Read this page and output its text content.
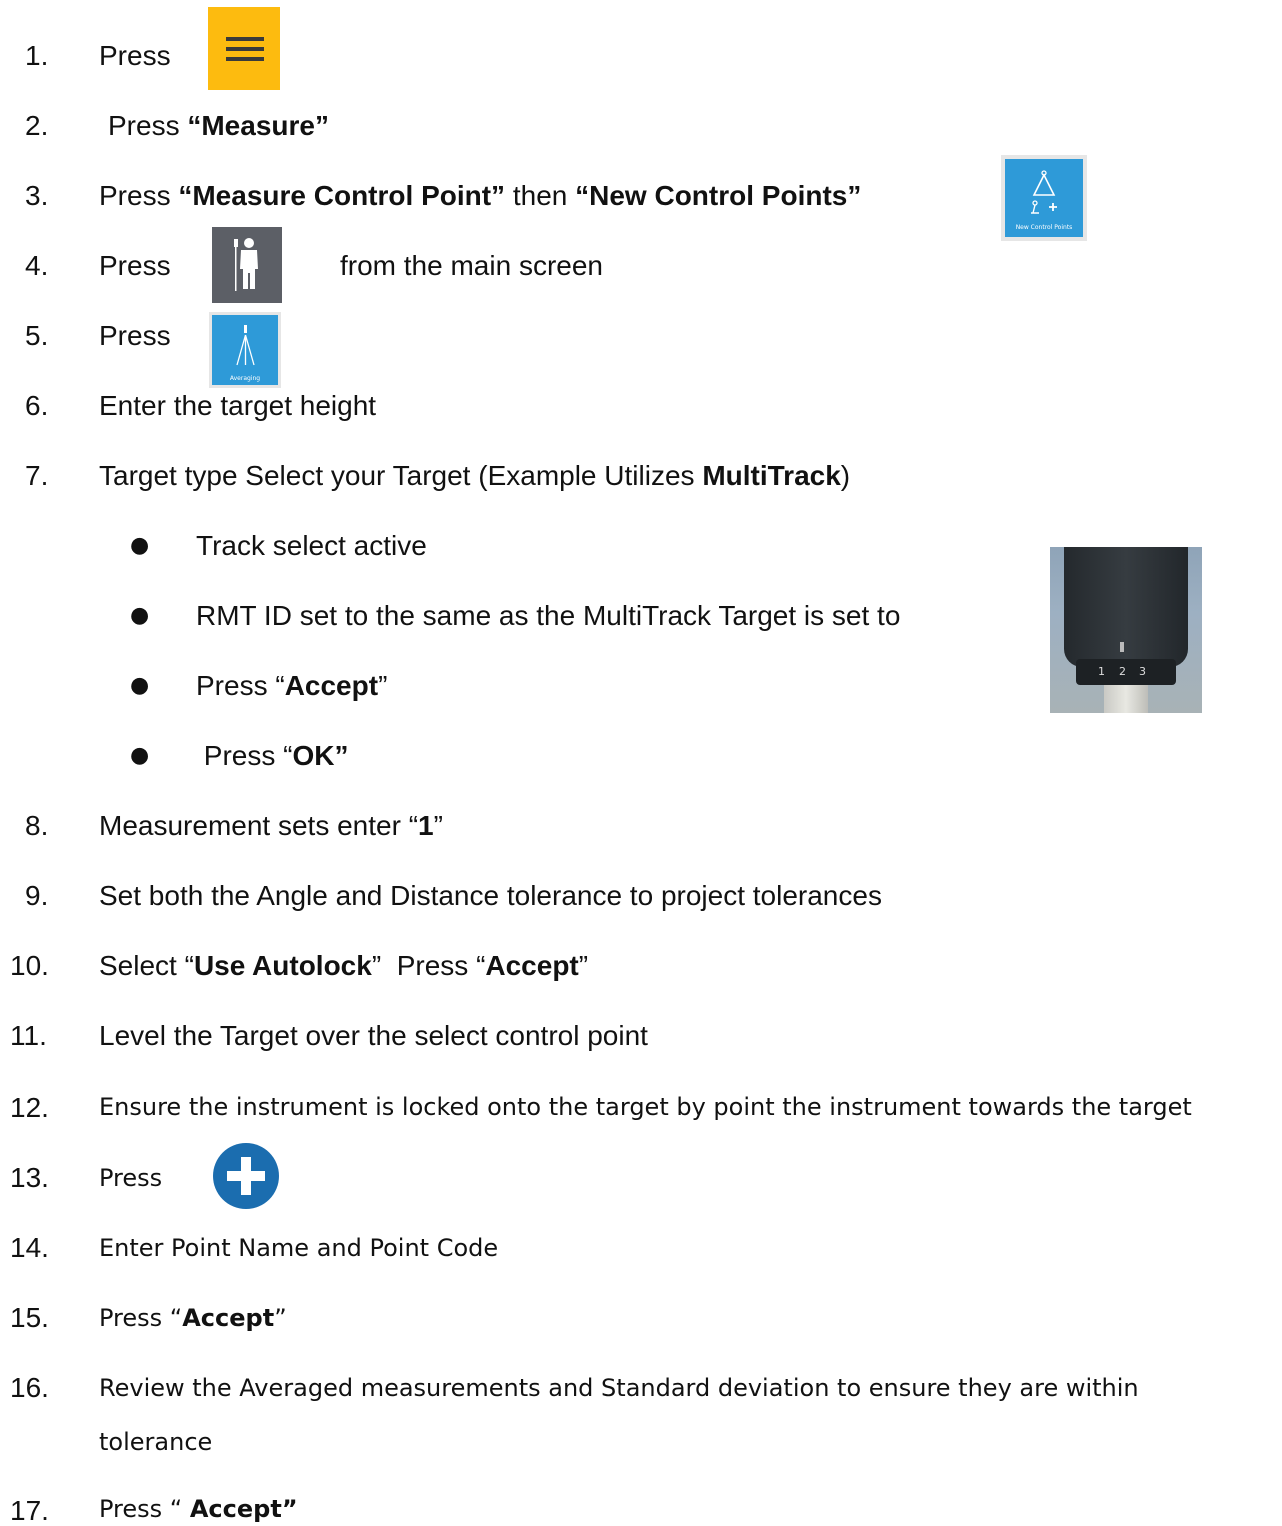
1. Press
2. Press “Measure”
3. Press “Measure Control Point” then “New Control Points”
New Control Points
4. Press	from the main screen
5. Press
Averaging
6. Enter the target height
7. Target type Select your Target (Example Utilizes MultiTrack)
● Track select active
● RMT ID set to the same as the MultiTrack Target is set to
● Press “Accept”
● Press “OK”
1 2 3
8. Measurement sets enter “1”
9. Set both the Angle and Distance tolerance to project tolerances
10. Select “Use Autolock”  Press “Accept”
11. Level the Target over the select control point
12. Ensure the instrument is locked onto the target by point the instrument towards the target
13. Press
14. Enter Point Name and Point Code
15. Press “Accept”
16. Review the Averaged measurements and Standard deviation to ensure they are within
tolerance
17. Press “ Accept”
